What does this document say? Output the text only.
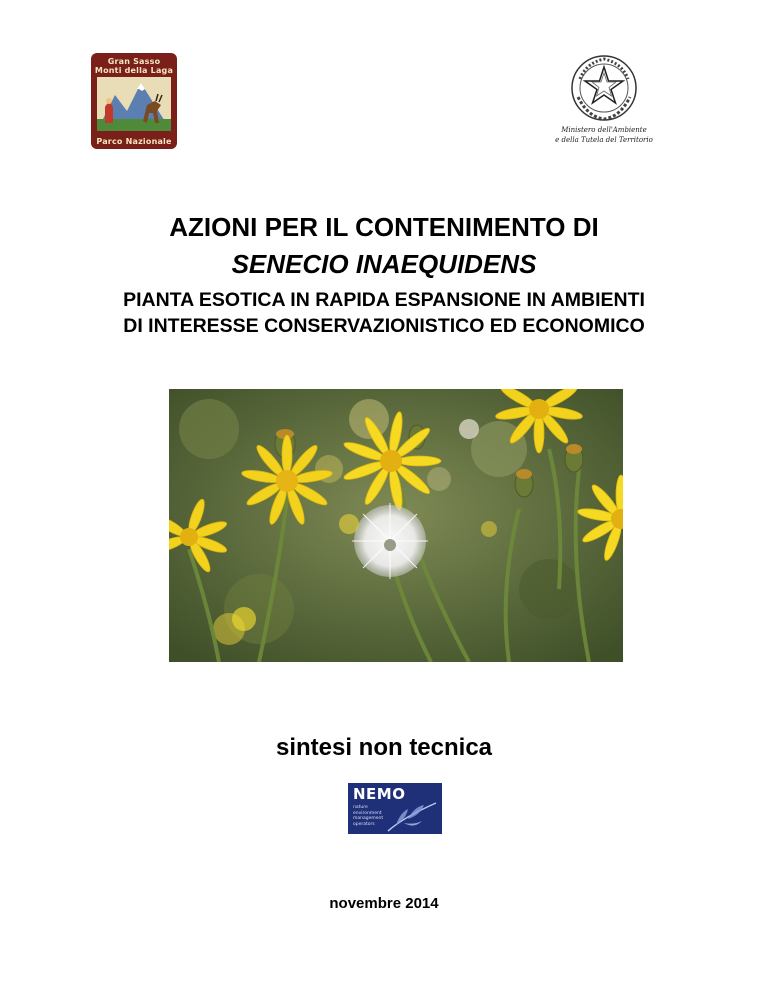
Gran Sasso
Monti della Laga
Parco Nazionale
Ministero dell'Ambiente
e della Tutela del Territorio
AZIONI PER IL CONTENIMENTO DI
SENECIO INAEQUIDENS
PIANTA ESOTICA IN RAPIDA ESPANSIONE IN AMBIENTI
DI INTERESSE CONSERVAZIONISTICO ED ECONOMICO
sintesi non tecnica
NEMO
nature
environment
management
operators
novembre 2014
